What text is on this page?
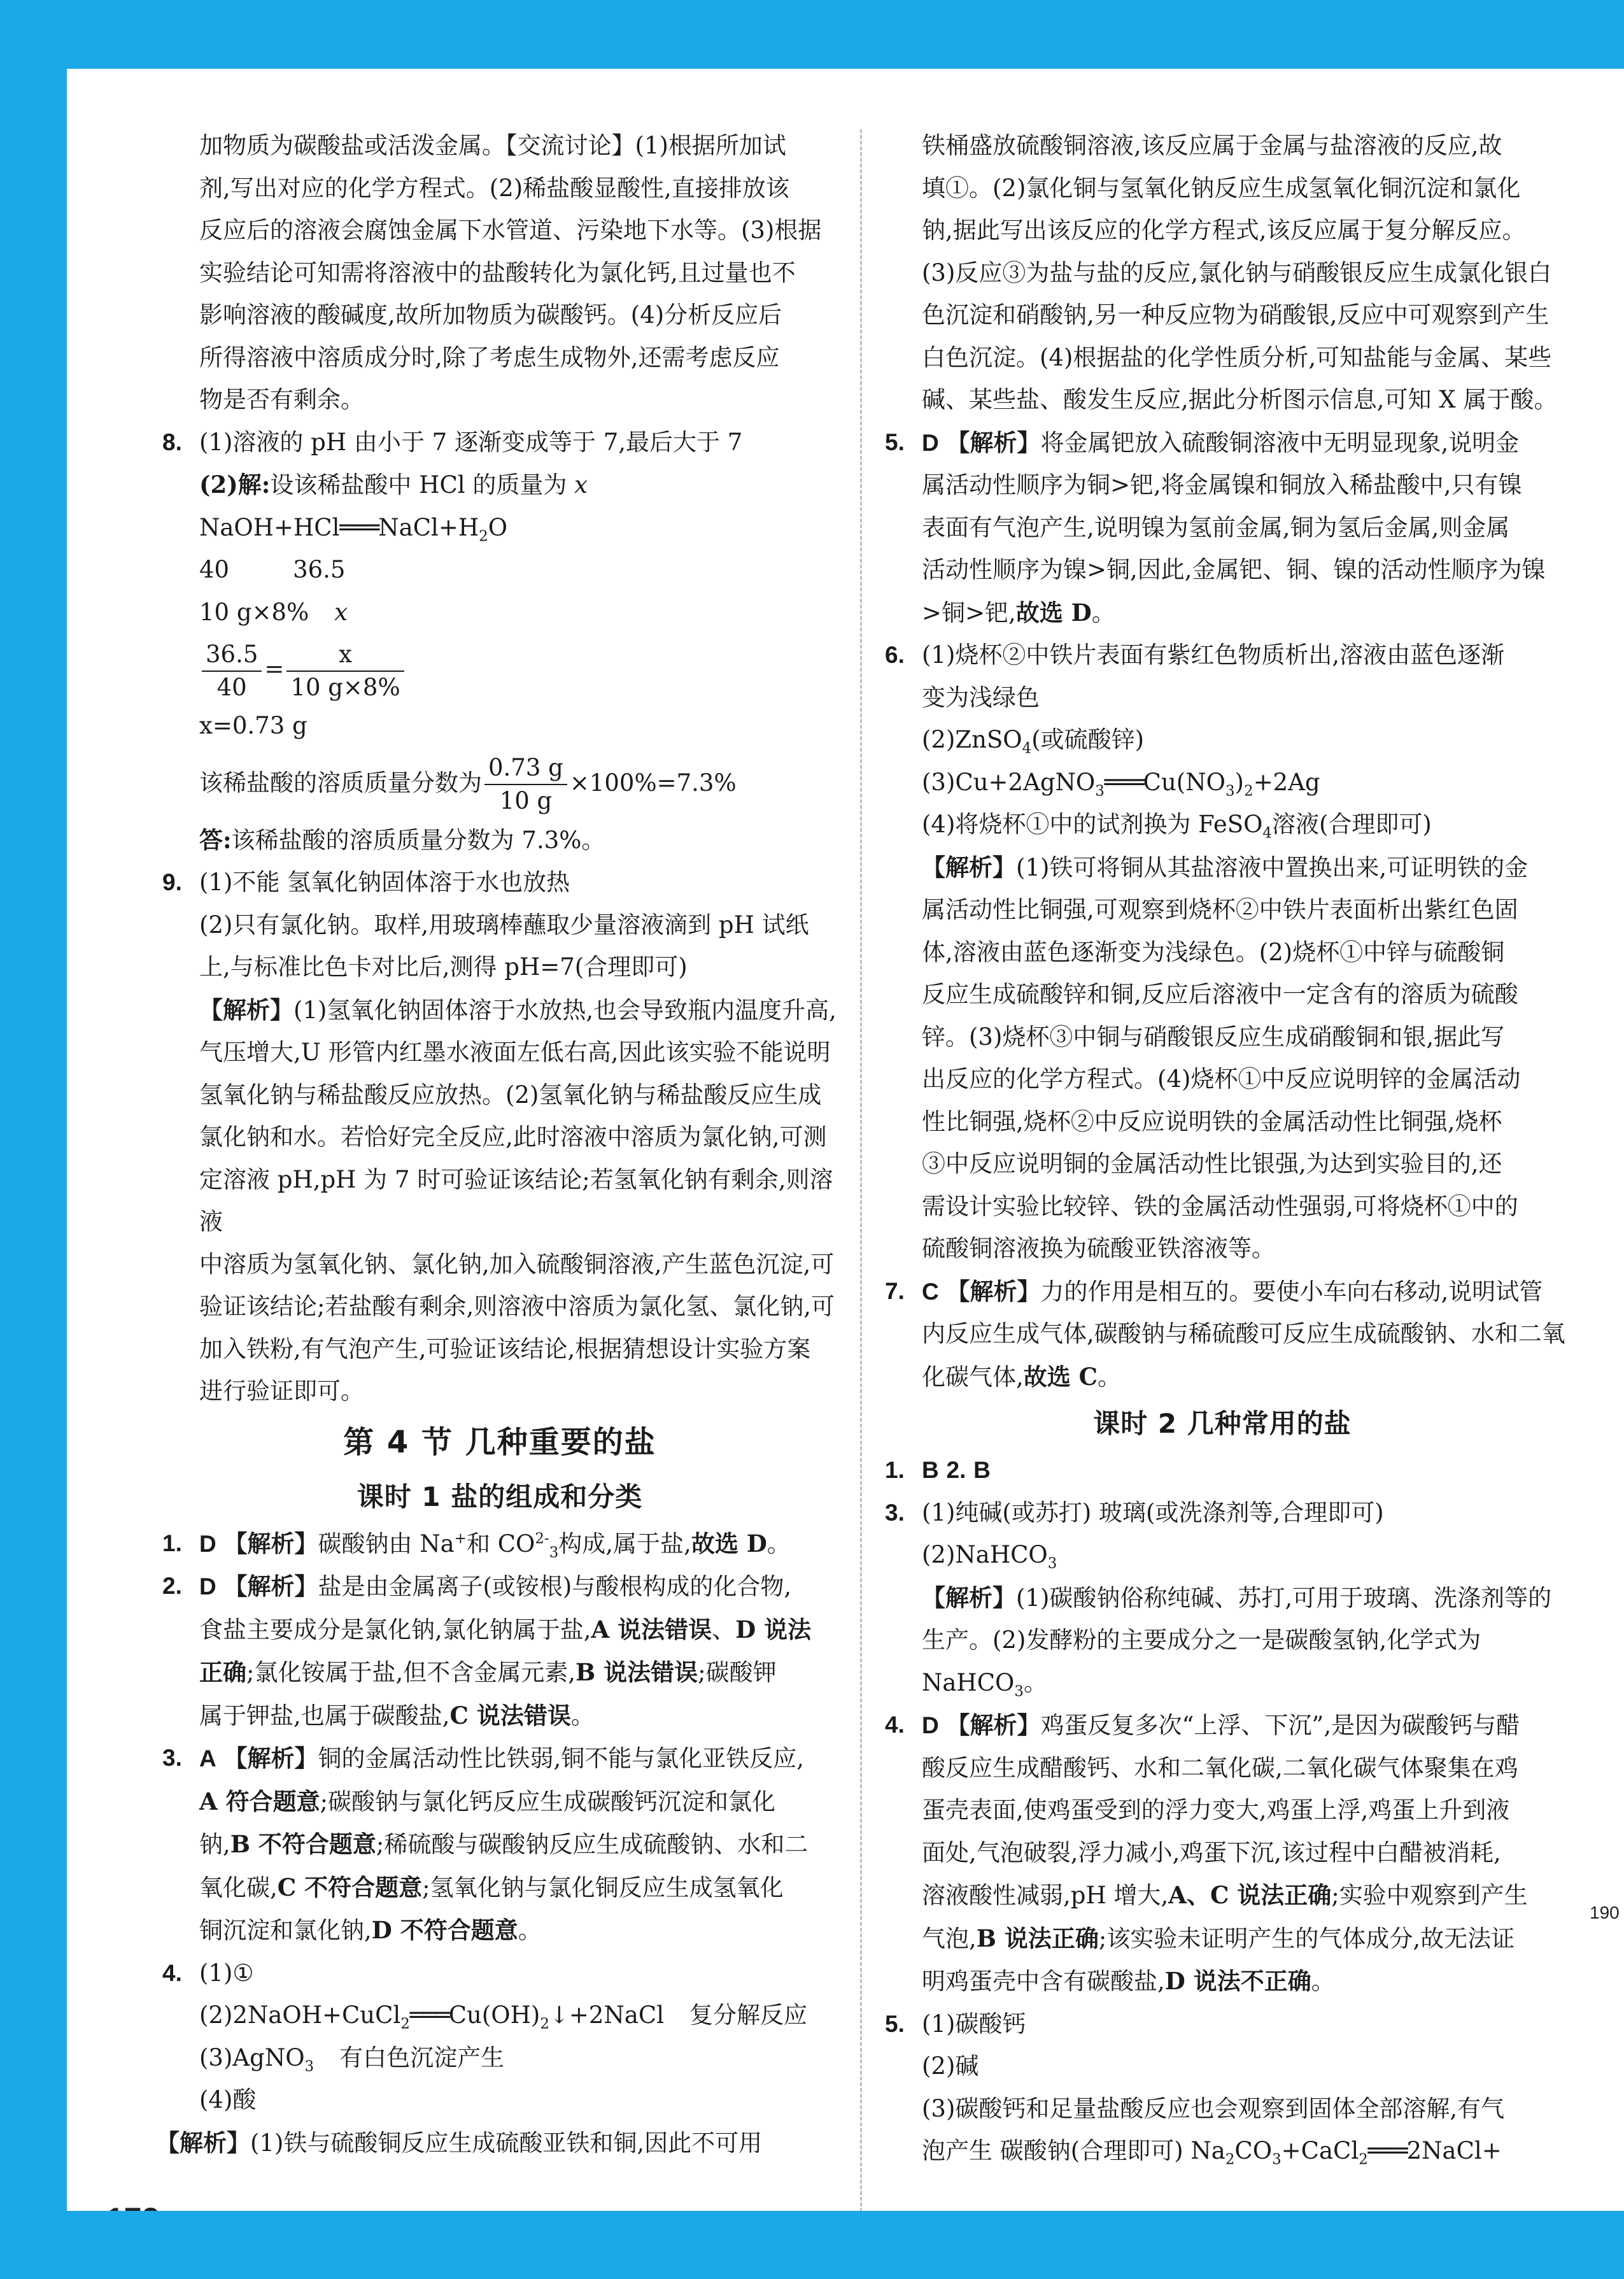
加物质为碳酸盐或活泼金属。【交流讨论】(1)根据所加试

剂,写出对应的化学方程式。(2)稀盐酸显酸性,直接排放该

反应后的溶液会腐蚀金属下水管道、污染地下水等。(3)根据

实验结论可知需将溶液中的盐酸转化为氯化钙,且过量也不

影响溶液的酸碱度,故所加物质为碳酸钙。(4)分析反应后

所得溶液中溶质成分时,除了考虑生成物外,还需考虑反应

物是否有剩余。

8. (1)溶液的 pH 由小于 7 逐渐变成等于 7,最后大于 7

(2)解:设该稀盐酸中 HCl 的质量为 x

$NaOH+HCl═══NaCl+H_2O$

40	36.5

10 g×8% x

$\frac{36.5}{40} = \frac{x}{10 g\times 8\%}$

x=0.73 g

该稀盐酸的溶质质量分数为 $\frac{0.73 g}{10 g} \times 100\%=7.3\%$

答:该稀盐酸的溶质质量分数为 7.3%。

9. (1)不能 氢氧化钠固体溶于水也放热

(2)只有氯化钠。取样,用玻璃棒蘸取少量溶液滴到 pH 试纸

上,与标准比色卡对比后,测得 pH=7(合理即可)

【解析】(1)氢氧化钠固体溶于水放热,也会导致瓶内温度升高,

气压增大,U 形管内红墨水液面左低右高,因此该实验不能说明

氢氧化钠与稀盐酸反应放热。(2)氢氧化钠与稀盐酸反应生成

氯化钠和水。若恰好完全反应,此时溶液中溶质为氯化钠,可测

定溶液 pH,pH 为 7 时可验证该结论;若氢氧化钠有剩余,则溶液

中溶质为氢氧化钠、氯化钠,加入硫酸铜溶液,产生蓝色沉淀,可

验证该结论;若盐酸有剩余,则溶液中溶质为氯化氢、氯化钠,可

加入铁粉,有气泡产生,可验证该结论,根据猜想设计实验方案

进行验证即可。

第 4 节 几种重要的盐
课时 1 盐的组成和分类
1. D 【解析】碳酸钠由 Na+和 $CO^{2-}_3$构成,属于盐,故选 D。

2. D 【解析】盐是由金属离子(或铵根)与酸根构成的化合物,

食盐主要成分是氯化钠,氯化钠属于盐,A 说法错误、D 说法

正确;氯化铵属于盐,但不含金属元素,B 说法错误;碳酸钾

属于钾盐,也属于碳酸盐,C 说法错误。

3. A 【解析】铜的金属活动性比铁弱,铜不能与氯化亚铁反应,

A 符合题意;碳酸钠与氯化钙反应生成碳酸钙沉淀和氯化

钠,B 不符合题意;稀硫酸与碳酸钠反应生成硫酸钠、水和二

氧化碳,C 不符合题意;氢氧化钠与氯化铜反应生成氢氧化

铜沉淀和氯化钠,D 不符合题意。

4. (1)①

$(2)2NaOH+CuCl_2═══Cu(OH)_2↓+2NaCl$ 复分解反应

(3)AgNO$_3$ 有白色沉淀产生

(4)酸

【解析】(1)铁与硫酸铜反应生成硫酸亚铁和铜,因此不可用

铁桶盛放硫酸铜溶液,该反应属于金属与盐溶液的反应,故

填①。(2)氯化铜与氢氧化钠反应生成氢氧化铜沉淀和氯化

钠,据此写出该反应的化学方程式,该反应属于复分解反应。

(3)反应③为盐与盐的反应,氯化钠与硝酸银反应生成氯化银白

色沉淀和硝酸钠,另一种反应物为硝酸银,反应中可观察到产生

白色沉淀。(4)根据盐的化学性质分析,可知盐能与金属、某些

碱、某些盐、酸发生反应,据此分析图示信息,可知 X 属于酸。

5. D 【解析】将金属钯放入硫酸铜溶液中无明显现象,说明金

属活动性顺序为铜>钯,将金属镍和铜放入稀盐酸中,只有镍

表面有气泡产生,说明镍为氢前金属,铜为氢后金属,则金属

活动性顺序为镍>铜,因此,金属钯、铜、镍的活动性顺序为镍

>铜>钯,故选 D。

6. (1)烧杯②中铁片表面有紫红色物质析出,溶液由蓝色逐渐

变为浅绿色

(2)ZnSO$_4$(或硫酸锌)

$(3)Cu+2AgNO_3═══Cu(NO_3)_2+2Ag$

(4)将烧杯①中的试剂换为 FeSO$_4$溶液(合理即可)

【解析】(1)铁可将铜从其盐溶液中置换出来,可证明铁的金

属活动性比铜强,可观察到烧杯②中铁片表面析出紫红色固

体,溶液由蓝色逐渐变为浅绿色。(2)烧杯①中锌与硫酸铜

反应生成硫酸锌和铜,反应后溶液中一定含有的溶质为硫酸

锌。(3)烧杯③中铜与硝酸银反应生成硝酸铜和银,据此写

出反应的化学方程式。(4)烧杯①中反应说明锌的金属活动

性比铜强,烧杯②中反应说明铁的金属活动性比铜强,烧杯

③中反应说明铜的金属活动性比银强,为达到实验目的,还

需设计实验比较锌、铁的金属活动性强弱,可将烧杯①中的

硫酸铜溶液换为硫酸亚铁溶液等。

7. C 【解析】力的作用是相互的。要使小车向右移动,说明试管

内反应生成气体,碳酸钠与稀硫酸可反应生成硫酸钠、水和二氧

化碳气体,故选 C。

课时 2 几种常用的盐
1. B 2. B

3. (1)纯碱(或苏打) 玻璃(或洗涤剂等,合理即可)

(2)NaHCO$_3$

【解析】(1)碳酸钠俗称纯碱、苏打,可用于玻璃、洗涤剂等的

生产。(2)发酵粉的主要成分之一是碳酸氢钠,化学式为

NaHCO$_3$。

4. D 【解析】鸡蛋反复多次“上浮、下沉”,是因为碳酸钙与醋

酸反应生成醋酸钙、水和二氧化碳,二氧化碳气体聚集在鸡

蛋壳表面,使鸡蛋受到的浮力变大,鸡蛋上浮,鸡蛋上升到液

面处,气泡破裂,浮力减小,鸡蛋下沉,该过程中白醋被消耗,

溶液酸性减弱,pH 增大,A、C 说法正确;实验中观察到产生

气泡,B 说法正确;该实验未证明产生的气体成分,故无法证

明鸡蛋壳中含有碳酸盐,D 说法不正确。

5. (1)碳酸钙

(2)碱

(3)碳酸钙和足量盐酸反应也会观察到固体全部溶解,有气

泡产生 碳酸钠(合理即可) $Na_2CO_3+CaCl_2═══2NaCl+$

190
